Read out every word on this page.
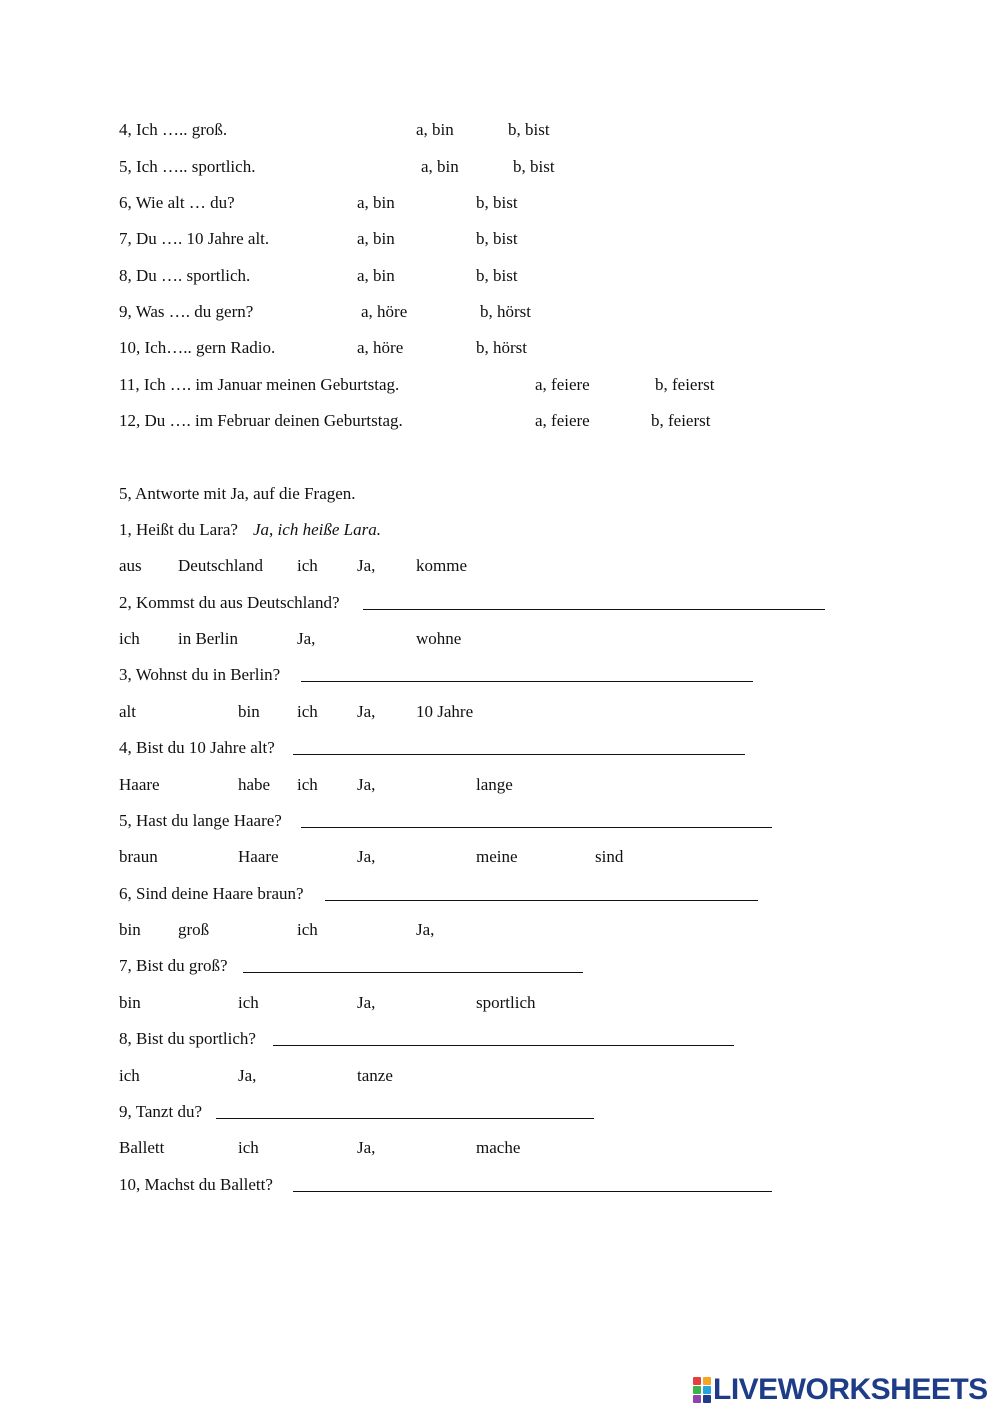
4, Ich ….. groß.	a, bin	b, bist
5, Ich ….. sportlich.	a, bin	b, bist
6, Wie alt … du?	a, bin	b, bist
7, Du …. 10 Jahre alt.	a, bin	b, bist
8, Du …. sportlich.	a, bin	b, bist
9, Was …. du gern?	a, höre	b, hörst
10, Ich….. gern Radio.	a, höre	b, hörst
11, Ich …. im Januar meinen Geburtstag.	a, feiere	b, feierst
12, Du …. im Februar deinen Geburtstag.	a, feiere	b, feierst
5, Antworte mit Ja, auf die Fragen.
1, Heißt du Lara? Ja, ich heiße Lara.
aus Deutschland ich Ja, komme
2, Kommst du aus Deutschland?
ich in Berlin	Ja,	wohne
3, Wohnst du in Berlin?
alt	bin ich Ja, 10 Jahre
4, Bist du 10 Jahre alt?
Haare	habe ich Ja,	lange
5, Hast du lange Haare?
braun	Haare	Ja,	meine	sind
6, Sind deine Haare braun?
bin groß	ich	Ja,
7, Bist du groß?
bin	ich	Ja,	sportlich
8, Bist du sportlich?
ich	Ja,	tanze
9, Tanzt du?
Ballett	ich	Ja,	mache
10, Machst du Ballett?
LIVEWORKSHEETS
